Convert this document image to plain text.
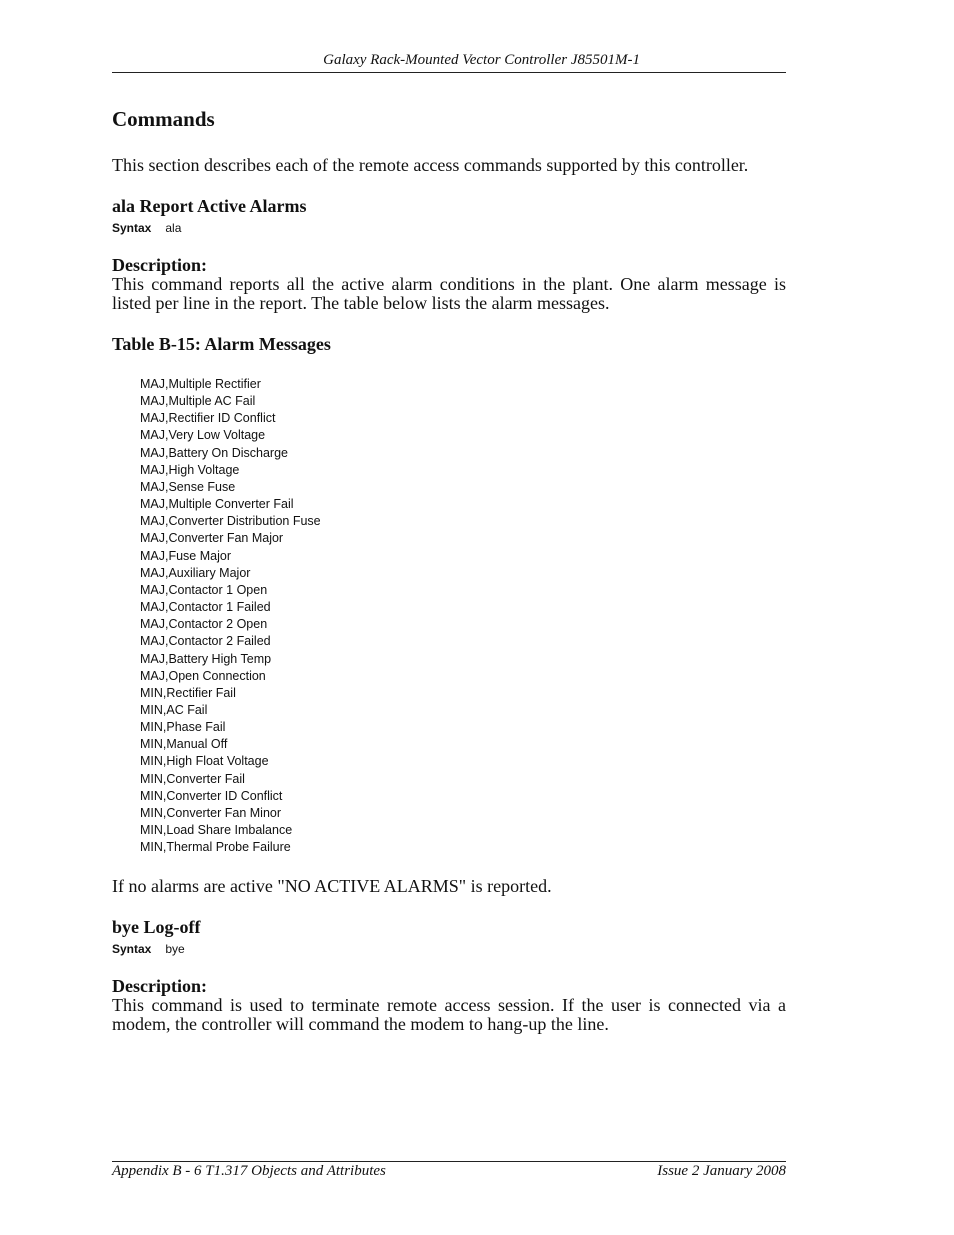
Galaxy Rack-Mounted Vector Controller J85501M-1
Commands

This section describes each of the remote access commands supported by this controller.

ala Report Active Alarms
Syntax ala
Description:

This command reports all the active alarm conditions in the plant. One alarm message is listed per line in the report. The table below lists the alarm messages.

Table B-15: Alarm Messages
MAJ,Multiple Rectifier
MAJ,Multiple AC Fail
MAJ,Rectifier ID Conflict
MAJ,Very Low Voltage
MAJ,Battery On Discharge
MAJ,High Voltage
MAJ,Sense Fuse
MAJ,Multiple Converter Fail
MAJ,Converter Distribution Fuse
MAJ,Converter Fan Major
MAJ,Fuse Major
MAJ,Auxiliary Major
MAJ,Contactor 1 Open
MAJ,Contactor 1 Failed
MAJ,Contactor 2 Open
MAJ,Contactor 2 Failed
MAJ,Battery High Temp
MAJ,Open Connection
MIN,Rectifier Fail
MIN,AC Fail
MIN,Phase Fail
MIN,Manual Off
MIN,High Float Voltage
MIN,Converter Fail
MIN,Converter ID Conflict
MIN,Converter Fan Minor
MIN,Load Share Imbalance
MIN,Thermal Probe Failure

If no alarms are active "NO ACTIVE ALARMS" is reported.

bye Log-off
Syntax bye
Description:

This command is used to terminate remote access session. If the user is connected via a modem, the controller will command the modem to hang-up the line.

Appendix B - 6 T1.317 Objects and Attributes	Issue 2 January 2008
